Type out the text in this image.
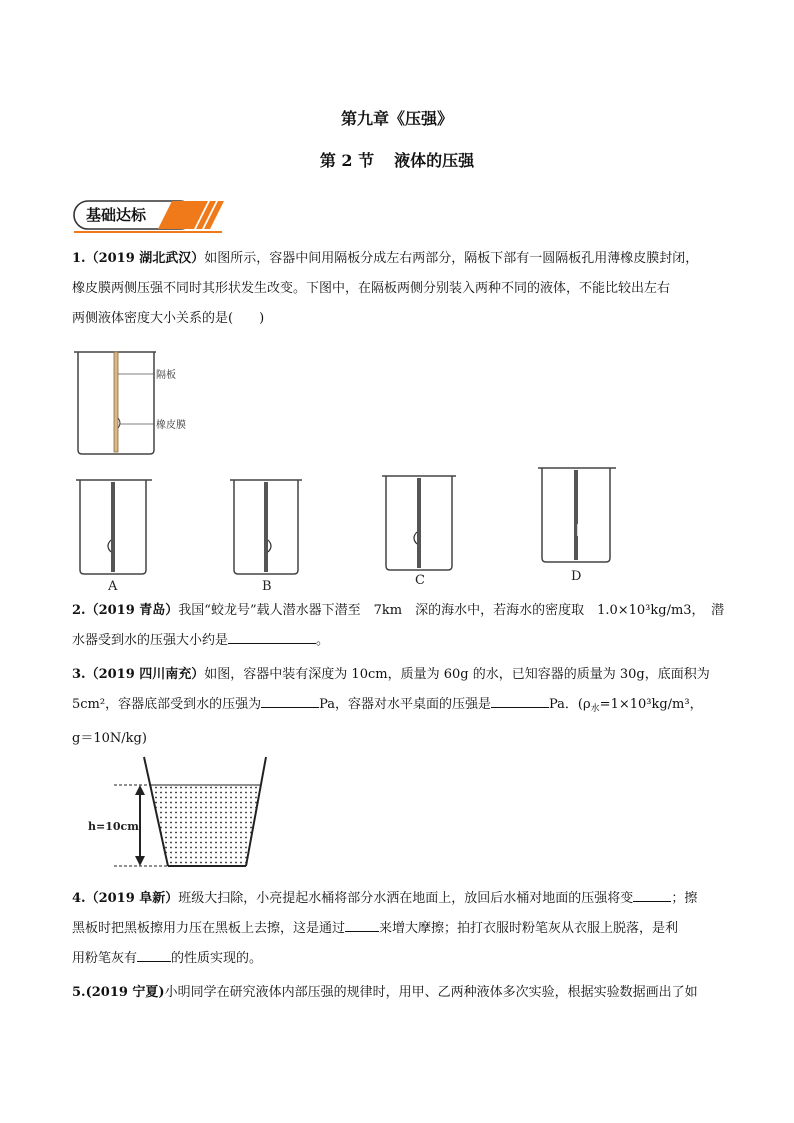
第九章《压强》
第 2 节 液体的压强
基础达标
1.（2019 湖北武汉）如图所示，容器中间用隔板分成左右两部分，隔板下部有一圆隔板孔用薄橡皮膜封闭，
橡皮膜两侧压强不同时其形状发生改变。下图中，在隔板两侧分别装入两种不同的液体，不能比较出左右
两侧液体密度大小关系的是(　　)
隔板
橡皮膜
A	B	C	D
2.（2019 青岛）我国“蛟龙号”载人潜水器下潜至　7km　深的海水中，若海水的密度取　1.0×10³kg/m3，　潜
水器受到水的压强大小约是	。
3.（2019 四川南充）如图，容器中装有深度为 10cm，质量为 60g 的水，已知容器的质量为 30g，底面积为
5cm²，容器底部受到水的压强为	Pa，容器对水平桌面的压强是	Pa．($\rho_水=1\times 10^3kg/m^3$，
g＝10N/kg)
h=10cm
4.（2019 阜新）班级大扫除，小亮提起水桶将部分水洒在地面上，放回后水桶对地面的压强将变	；擦
黑板时把黑板擦用力压在黑板上去擦，这是通过	来增大摩擦；拍打衣服时粉笔灰从衣服上脱落，是利
用粉笔灰有	的性质实现的。
5.(2019 宁夏)小明同学在研究液体内部压强的规律时，用甲、乙两种液体多次实验，根据实验数据画出了如
